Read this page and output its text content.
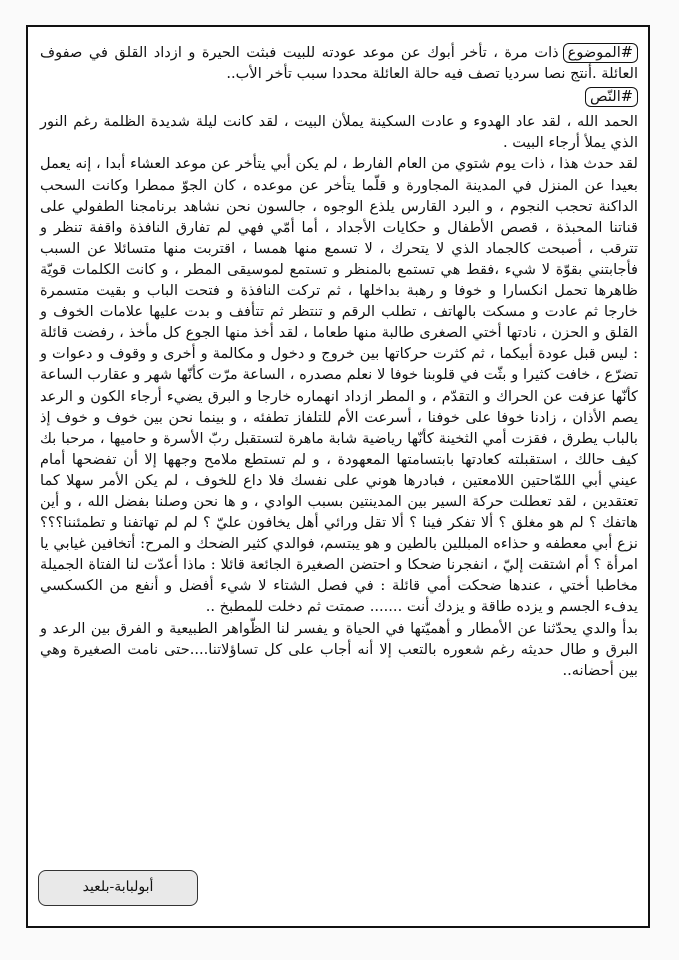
#الموضوعذات مرة ، تأخر أبوك عن موعد عودته للبيت فبثت الحيرة و ازداد القلق في صفوف العائلة .أنتج نصا سرديا تصف فيه حالة العائلة محددا سبب تأخر الأب..

#النّص

الحمد الله ، لقد عاد الهدوء و عادت السكينة يملأن البيت ، لقد كانت ليلة شديدة الظلمة رغم النور الذي يملأ أرجاء البيت .

لقد حدث هذا ، ذات يوم شتوي من العام الفارط ، لم يكن أبي يتأخر عن موعد العشاء أبدا ، إنه يعمل بعيدا عن المنزل في المدينة المجاورة و قلّما يتأخر عن موعده ، كان الجوّ ممطرا وكانت السحب الداكنة تحجب النجوم ، و البرد القارس يلذع الوجوه ، جالسون نحن نشاهد برنامجنا الطفولي على قناتنا المحبذة ، قصص الأطفال و حكايات الأجداد ، أما أمّي فهي لم تفارق النافذة واقفة تنظر و تترقب ، أصبحت كالجماد الذي لا يتحرك ، لا تسمع منها همسا ، اقتربت منها متسائلا عن السبب فأجابتني بقوّة لا شيء ،فقط هي تستمع بالمنظر و تستمع لموسيقى المطر ، و كانت الكلمات قويّة ظاهرها تحمل انكسارا و خوفا و رهبة بداخلها ، ثم تركت النافذة و فتحت الباب و بقيت متسمرة خارجا ثم عادت و مسكت بالهاتف ، تطلب الرقم و تنتظر ثم تتأفف و بدت عليها علامات الخوف و القلق و الحزن ، نادتها أختي الصغرى طالبة منها طعاما ، لقد أخذ منها الجوع كل مأخذ ، رفضت قائلة : ليس قبل عودة أبيكما ، ثم كثرت حركاتها بين خروج و دخول و مكالمة و أخرى و وقوف و دعوات و تضرّع ، خافت كثيرا و بثّت في قلوبنا خوفا لا نعلم مصدره ، الساعة مرّت كأنّها شهر و عقارب الساعة كأنّها عزفت عن الحراك و التقدّم ، و المطر ازداد انهماره خارجا و البرق يضيء أرجاء الكون و الرعد يصم الأذان ، زادنا خوفا على خوفنا ، أسرعت الأم للتلفاز تطفئه ، و بينما نحن بين خوف و خوف إذ بالباب يطرق ، فقزت أمي الثخينة كأنّها رياضية شابة ماهرة لتستقبل ربّ الأسرة و حاميها ، مرحبا بك كيف حالك ، استقبلته كعادتها بابتسامتها المعهودة ، و لم تستطع ملامح وجهها إلا أن تفضحها أمام عيني أبي اللمّاحتين اللامعتين ، فبادرها هوني على نفسك فلا داع للخوف ، لم يكن الأمر سهلا كما تعتقدين ، لقد تعطلت حركة السير بين المدينتين بسبب الوادي ، و ها نحن وصلنا بفضل الله ، و أين هاتفك ؟ لم هو مغلق ؟ ألا تفكر فينا ؟ ألا تقل ورائي أهل يخافون عليّ ؟ لم لم تهاتفنا و تطمئننا؟؟؟ نزع أبي معطفه و حذاءه المبللين بالطين و هو يبتسم، فوالدي كثير الضحك و المرح: أتخافين غيابي يا امرأة ؟ أم اشتقت إليّ ، انفجرنا ضحكا و احتضن الصغيرة الجائعة قائلا : ماذا أعدّت لنا الفتاة الجميلة مخاطبا أختي ، عندها ضحكت أمي قائلة : في فصل الشتاء لا شيء أفضل و أنفع من الكسكسي يدفء الجسم و يزده طاقة و يزدك أنت ....... صمتت ثم دخلت للمطبخ ..

بدأ والدي يحدّثنا عن الأمطار و أهميّتها في الحياة و يفسر لنا الظّواهر الطبيعية و الفرق بين الرعد و البرق و طال حديثه رغم شعوره بالتعب إلا أنه أجاب على كل تساؤلاتنا....حتى نامت الصغيرة وهي بين أحضانه..

أبولبابة-بلعيد
